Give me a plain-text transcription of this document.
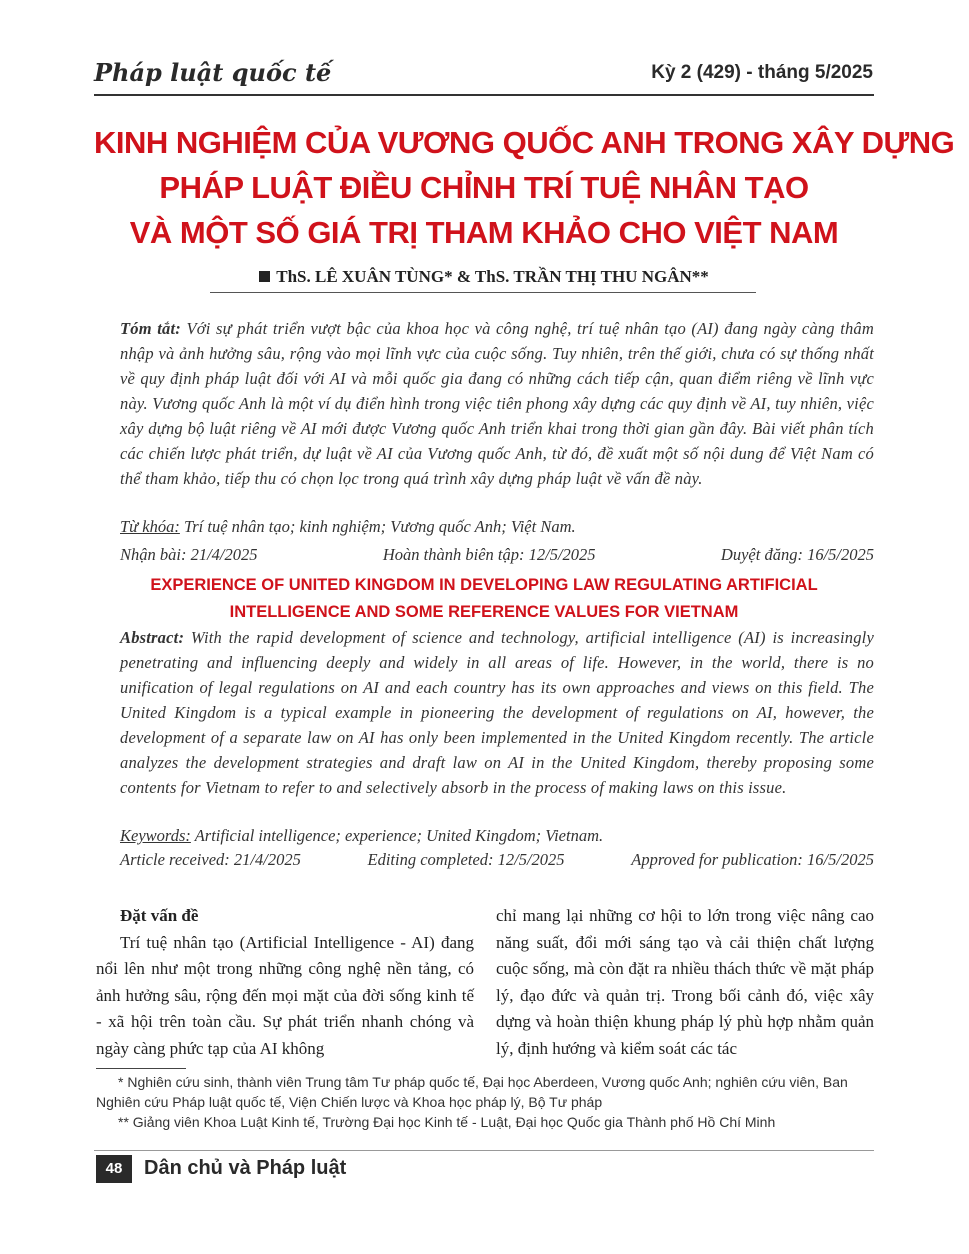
Pháp luật quốc tế	Kỳ 2 (429) - tháng 5/2025
KINH NGHIỆM CỦA VƯƠNG QUỐC ANH TRONG XÂY DỰNG
PHÁP LUẬT ĐIỀU CHỈNH TRÍ TUỆ NHÂN TẠO
VÀ MỘT SỐ GIÁ TRỊ THAM KHẢO CHO VIỆT NAM
ThS. LÊ XUÂN TÙNG* & ThS. TRẦN THỊ THU NGÂN**
Tóm tắt: Với sự phát triển vượt bậc của khoa học và công nghệ, trí tuệ nhân tạo (AI) đang ngày càng thâm nhập và ảnh hưởng sâu, rộng vào mọi lĩnh vực của cuộc sống. Tuy nhiên, trên thế giới, chưa có sự thống nhất về quy định pháp luật đối với AI và mỗi quốc gia đang có những cách tiếp cận, quan điểm riêng về lĩnh vực này. Vương quốc Anh là một ví dụ điển hình trong việc tiên phong xây dựng các quy định về AI, tuy nhiên, việc xây dựng bộ luật riêng về AI mới được Vương quốc Anh triển khai trong thời gian gần đây. Bài viết phân tích các chiến lược phát triển, dự luật về AI của Vương quốc Anh, từ đó, đề xuất một số nội dung để Việt Nam có thể tham khảo, tiếp thu có chọn lọc trong quá trình xây dựng pháp luật về vấn đề này.
Từ khóa: Trí tuệ nhân tạo; kinh nghiệm; Vương quốc Anh; Việt Nam.
Nhận bài: 21/4/2025	Hoàn thành biên tập: 12/5/2025	Duyệt đăng: 16/5/2025
EXPERIENCE OF UNITED KINGDOM IN DEVELOPING LAW REGULATING ARTIFICIAL
INTELLIGENCE AND SOME REFERENCE VALUES FOR VIETNAM
Abstract: With the rapid development of science and technology, artificial intelligence (AI) is increasingly penetrating and influencing deeply and widely in all areas of life. However, in the world, there is no unification of legal regulations on AI and each country has its own approaches and views on this field. The United Kingdom is a typical example in pioneering the development of regulations on AI, however, the development of a separate law on AI has only been implemented in the United Kingdom recently. The article analyzes the development strategies and draft law on AI in the United Kingdom, thereby proposing some contents for Vietnam to refer to and selectively absorb in the process of making laws on this issue.
Keywords: Artificial intelligence; experience; United Kingdom; Vietnam.
Article received: 21/4/2025	Editing completed: 12/5/2025	Approved for publication: 16/5/2025
Đặt vấn đề
Trí tuệ nhân tạo (Artificial Intelligence - AI) đang nổi lên như một trong những công nghệ nền tảng, có ảnh hưởng sâu, rộng đến mọi mặt của đời sống kinh tế - xã hội trên toàn cầu. Sự phát triển nhanh chóng và ngày càng phức tạp của AI không
chỉ mang lại những cơ hội to lớn trong việc nâng cao năng suất, đổi mới sáng tạo và cải thiện chất lượng cuộc sống, mà còn đặt ra nhiều thách thức về mặt pháp lý, đạo đức và quản trị. Trong bối cảnh đó, việc xây dựng và hoàn thiện khung pháp lý phù hợp nhằm quản lý, định hướng và kiểm soát các tác
* Nghiên cứu sinh, thành viên Trung tâm Tư pháp quốc tế, Đại học Aberdeen, Vương quốc Anh; nghiên cứu viên, Ban Nghiên cứu Pháp luật quốc tế, Viện Chiến lược và Khoa học pháp lý, Bộ Tư pháp
** Giảng viên Khoa Luật Kinh tế, Trường Đại học Kinh tế - Luật, Đại học Quốc gia Thành phố Hồ Chí Minh
48	Dân chủ và Pháp luật
